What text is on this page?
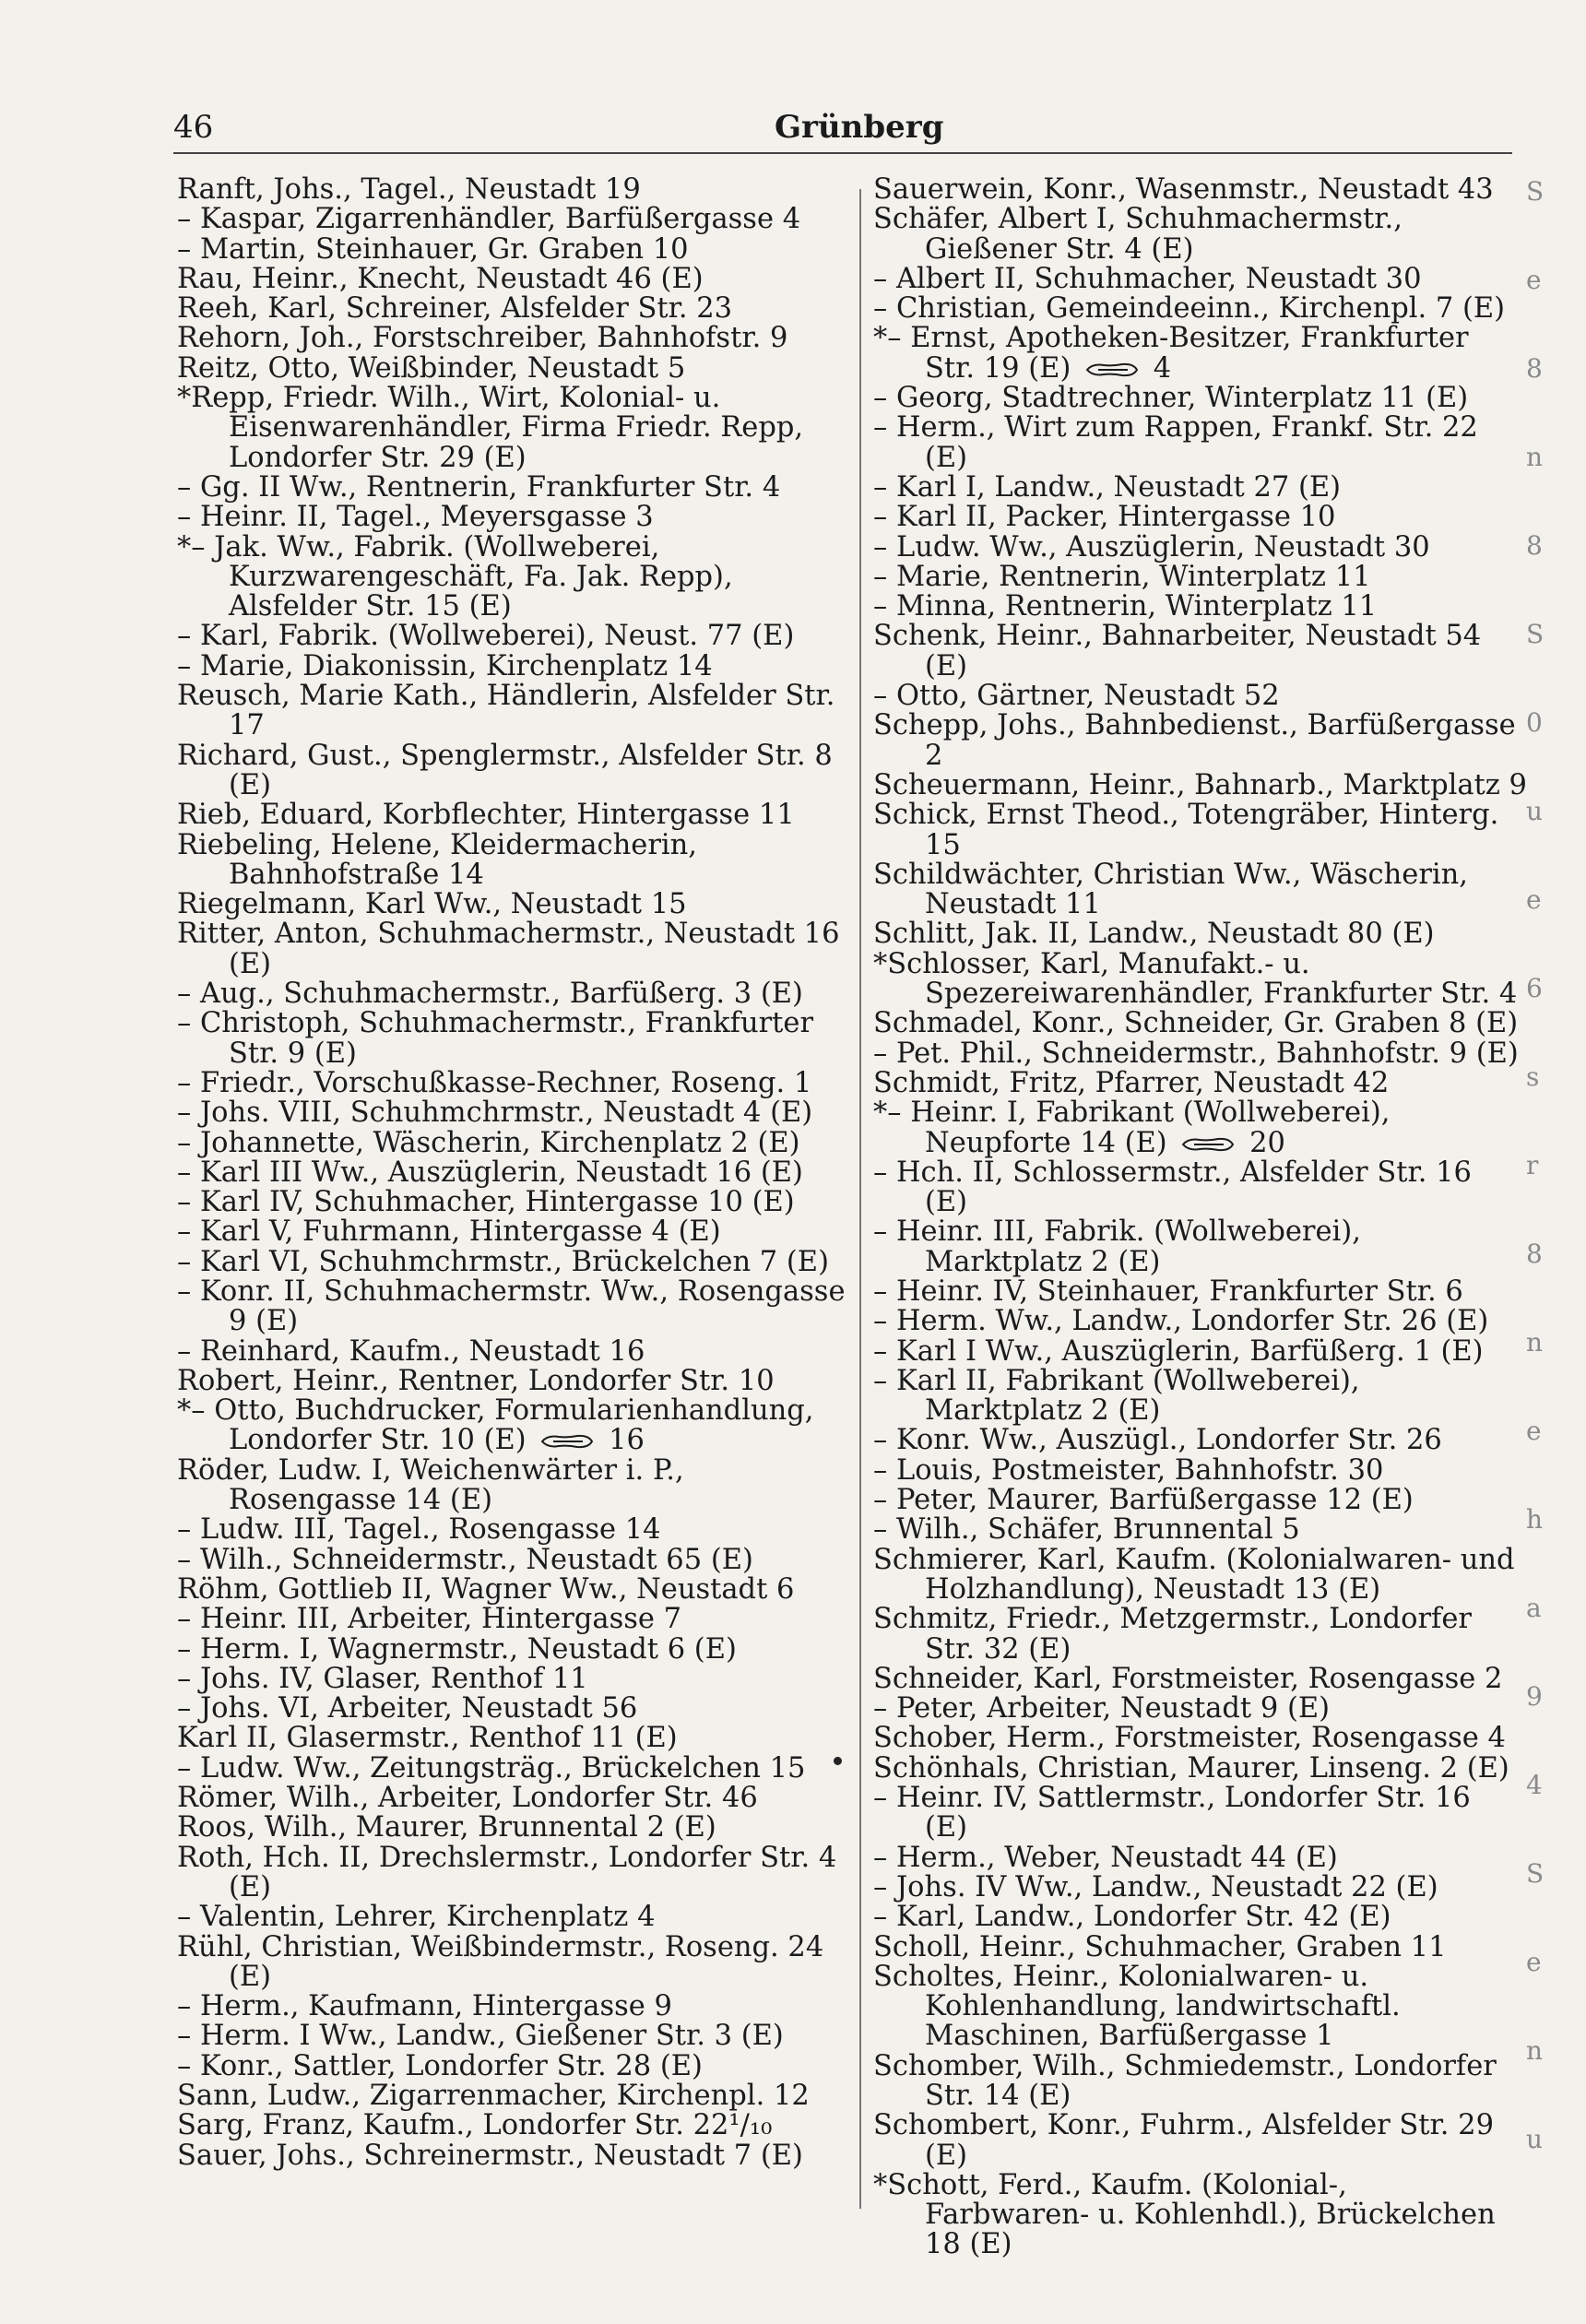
46	Grünberg
Ranft, Johs., Tagel., Neustadt 19
– Kaspar, Zigarrenhändler, Barfüßergasse 4
– Martin, Steinhauer, Gr. Graben 10
Rau, Heinr., Knecht, Neustadt 46 (E)
Reeh, Karl, Schreiner, Alsfelder Str. 23
Rehorn, Joh., Forstschreiber, Bahnhofstr. 9
Reitz, Otto, Weißbinder, Neustadt 5
*Repp, Friedr. Wilh., Wirt, Kolonial- u. Eisenwarenhändler, Firma Friedr. Repp, Londorfer Str. 29 (E)
– Gg. II Ww., Rentnerin, Frankfurter Str. 4
– Heinr. II, Tagel., Meyersgasse 3
*– Jak. Ww., Fabrik. (Wollweberei, Kurzwarengeschäft, Fa. Jak. Repp), Alsfelder Str. 15 (E)
– Karl, Fabrik. (Wollweberei), Neust. 77 (E)
– Marie, Diakonissin, Kirchenplatz 14
Reusch, Marie Kath., Händlerin, Alsfelder Str. 17
Richard, Gust., Spenglermstr., Alsfelder Str. 8 (E)
Rieb, Eduard, Korbflechter, Hintergasse 11
Riebeling, Helene, Kleidermacherin, Bahnhofstraße 14
Riegelmann, Karl Ww., Neustadt 15
Ritter, Anton, Schuhmachermstr., Neustadt 16 (E)
– Aug., Schuhmachermstr., Barfüßerg. 3 (E)
– Christoph, Schuhmachermstr., Frankfurter Str. 9 (E)
– Friedr., Vorschußkasse-Rechner, Roseng. 1
– Johs. VIII, Schuhmchrmstr., Neustadt 4 (E)
– Johannette, Wäscherin, Kirchenplatz 2 (E)
– Karl III Ww., Auszüglerin, Neustadt 16 (E)
– Karl IV, Schuhmacher, Hintergasse 10 (E)
– Karl V, Fuhrmann, Hintergasse 4 (E)
– Karl VI, Schuhmchrmstr., Brückelchen 7 (E)
– Konr. II, Schuhmachermstr. Ww., Rosengasse 9 (E)
– Reinhard, Kaufm., Neustadt 16
Robert, Heinr., Rentner, Londorfer Str. 10
*– Otto, Buchdrucker, Formularienhandlung, Londorfer Str. 10 (E)  16
Röder, Ludw. I, Weichenwärter i. P., Rosengasse 14 (E)
– Ludw. III, Tagel., Rosengasse 14
– Wilh., Schneidermstr., Neustadt 65 (E)
Röhm, Gottlieb II, Wagner Ww., Neustadt 6
– Heinr. III, Arbeiter, Hintergasse 7
– Herm. I, Wagnermstr., Neustadt 6 (E)
– Johs. IV, Glaser, Renthof 11
– Johs. VI, Arbeiter, Neustadt 56
Karl II, Glasermstr., Renthof 11 (E)
– Ludw. Ww., Zeitungsträg., Brückelchen 15
Römer, Wilh., Arbeiter, Londorfer Str. 46
Roos, Wilh., Maurer, Brunnental 2 (E)
Roth, Hch. II, Drechslermstr., Londorfer Str. 4 (E)
– Valentin, Lehrer, Kirchenplatz 4
Rühl, Christian, Weißbindermstr., Roseng. 24 (E)
– Herm., Kaufmann, Hintergasse 9
– Herm. I Ww., Landw., Gießener Str. 3 (E)
– Konr., Sattler, Londorfer Str. 28 (E)
Sann, Ludw., Zigarrenmacher, Kirchenpl. 12
Sarg, Franz, Kaufm., Londorfer Str. 22¹/₁₀
Sauer, Johs., Schreinermstr., Neustadt 7 (E)
Sauerwein, Konr., Wasenmstr., Neustadt 43
Schäfer, Albert I, Schuhmachermstr., Gießener Str. 4 (E)
– Albert II, Schuhmacher, Neustadt 30
– Christian, Gemeindeeinn., Kirchenpl. 7 (E)
*– Ernst, Apotheken-Besitzer, Frankfurter Str. 19 (E)  4
– Georg, Stadtrechner, Winterplatz 11 (E)
– Herm., Wirt zum Rappen, Frankf. Str. 22 (E)
– Karl I, Landw., Neustadt 27 (E)
– Karl II, Packer, Hintergasse 10
– Ludw. Ww., Auszüglerin, Neustadt 30
– Marie, Rentnerin, Winterplatz 11
– Minna, Rentnerin, Winterplatz 11
Schenk, Heinr., Bahnarbeiter, Neustadt 54 (E)
– Otto, Gärtner, Neustadt 52
Schepp, Johs., Bahnbedienst., Barfüßergasse 2
Scheuermann, Heinr., Bahnarb., Marktplatz 9
Schick, Ernst Theod., Totengräber, Hinterg. 15
Schildwächter, Christian Ww., Wäscherin, Neustadt 11
Schlitt, Jak. II, Landw., Neustadt 80 (E)
*Schlosser, Karl, Manufakt.- u. Spezereiwarenhändler, Frankfurter Str. 4
Schmadel, Konr., Schneider, Gr. Graben 8 (E)
– Pet. Phil., Schneidermstr., Bahnhofstr. 9 (E)
Schmidt, Fritz, Pfarrer, Neustadt 42
*– Heinr. I, Fabrikant (Wollweberei), Neupforte 14 (E)  20
– Hch. II, Schlossermstr., Alsfelder Str. 16 (E)
– Heinr. III, Fabrik. (Wollweberei), Marktplatz 2 (E)
– Heinr. IV, Steinhauer, Frankfurter Str. 6
– Herm. Ww., Landw., Londorfer Str. 26 (E)
– Karl I Ww., Auszüglerin, Barfüßerg. 1 (E)
– Karl II, Fabrikant (Wollweberei), Marktplatz 2 (E)
– Konr. Ww., Auszügl., Londorfer Str. 26
– Louis, Postmeister, Bahnhofstr. 30
– Peter, Maurer, Barfüßergasse 12 (E)
– Wilh., Schäfer, Brunnental 5
Schmierer, Karl, Kaufm. (Kolonialwaren- und Holzhandlung), Neustadt 13 (E)
Schmitz, Friedr., Metzgermstr., Londorfer Str. 32 (E)
Schneider, Karl, Forstmeister, Rosengasse 2
– Peter, Arbeiter, Neustadt 9 (E)
Schober, Herm., Forstmeister, Rosengasse 4
Schönhals, Christian, Maurer, Linseng. 2 (E)
– Heinr. IV, Sattlermstr., Londorfer Str. 16 (E)
– Herm., Weber, Neustadt 44 (E)
– Johs. IV Ww., Landw., Neustadt 22 (E)
– Karl, Landw., Londorfer Str. 42 (E)
Scholl, Heinr., Schuhmacher, Graben 11
Scholtes, Heinr., Kolonialwaren- u. Kohlenhandlung, landwirtschaftl. Maschinen, Barfüßergasse 1
Schomber, Wilh., Schmiedemstr., Londorfer Str. 14 (E)
Schombert, Konr., Fuhrm., Alsfelder Str. 29 (E)
*Schott, Ferd., Kaufm. (Kolonial-, Farbwaren- u. Kohlenhdl.), Brückelchen 18 (E)
S
e
8
n
8
S
0
u
e
6
s
r
8
n
e
h
a
9
4
S
e
n
u
